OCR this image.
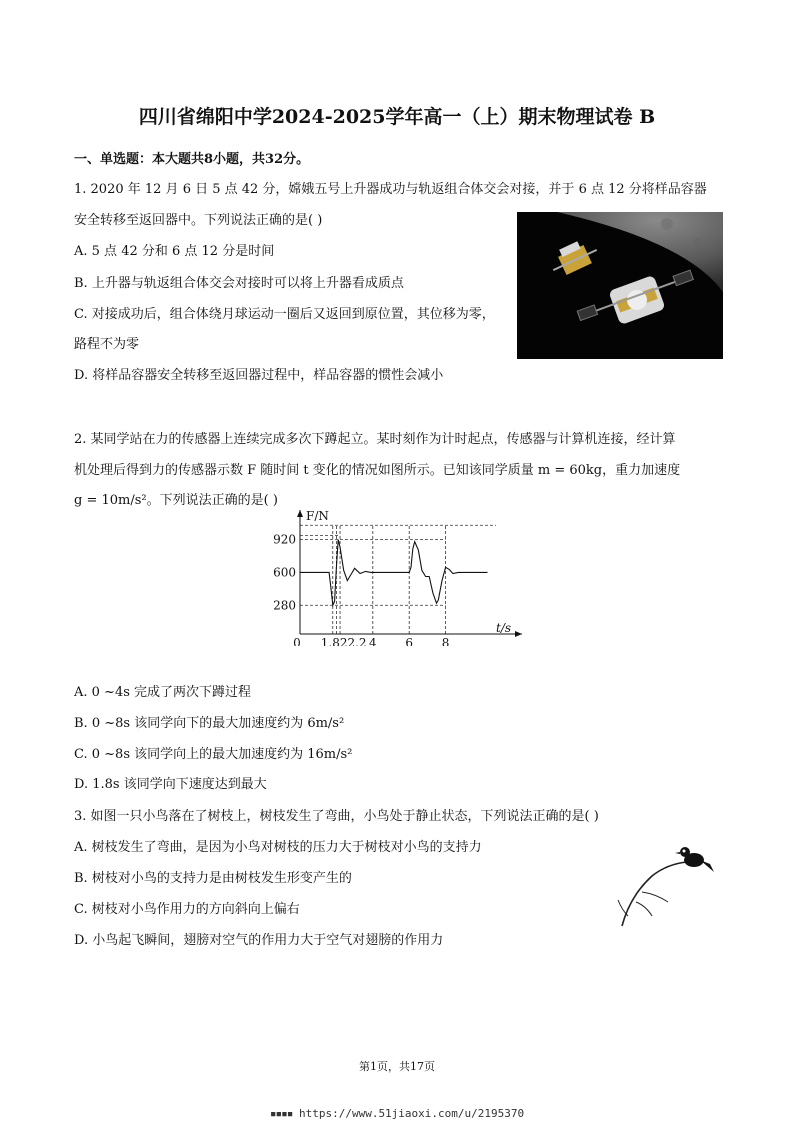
四川省绵阳中学2024-2025学年高一（上）期末物理试卷 B
一、单选题：本大题共8小题，共32分。
1. 2020 年 12 月 6 日 5 点 42 分，嫦娥五号上升器成功与轨返组合体交会对接，并于 6 点 12 分将样品容器
安全转移至返回器中。下列说法正确的是( )
A. 5 点 42 分和 6 点 12 分是时间
B. 上升器与轨返组合体交会对接时可以将上升器看成质点
C. 对接成功后，组合体绕月球运动一圈后又返回到原位置，其位移为零，
路程不为零
D. 将样品容器安全转移至返回器过程中，样品容器的惯性会减小
2. 某同学站在力的传感器上连续完成多次下蹲起立。某时刻作为计时起点，传感器与计算机连接，经计算
机处理后得到力的传感器示数 F 随时间 t 变化的情况如图所示。已知该同学质量 m = 60kg，重力加速度
g = 10m/s²。下列说法正确的是( )
F/N
t/s
920
600
280
0 1.822.2 4 6 8
A. 0 ~4s 完成了两次下蹲过程
B. 0 ~8s 该同学向下的最大加速度约为 6m/s²
C. 0 ~8s 该同学向上的最大加速度约为 16m/s²
D. 1.8s 该同学向下速度达到最大
3. 如图一只小鸟落在了树枝上，树枝发生了弯曲，小鸟处于静止状态，下列说法正确的是( )
A. 树枝发生了弯曲，是因为小鸟对树枝的压力大于树枝对小鸟的支持力
B. 树枝对小鸟的支持力是由树枝发生形变产生的
C. 树枝对小鸟作用力的方向斜向上偏右
D. 小鸟起飞瞬间，翅膀对空气的作用力大于空气对翅膀的作用力
第1页，共17页
▪▪▪▪ https://www.51jiaoxi.com/u/2195370
